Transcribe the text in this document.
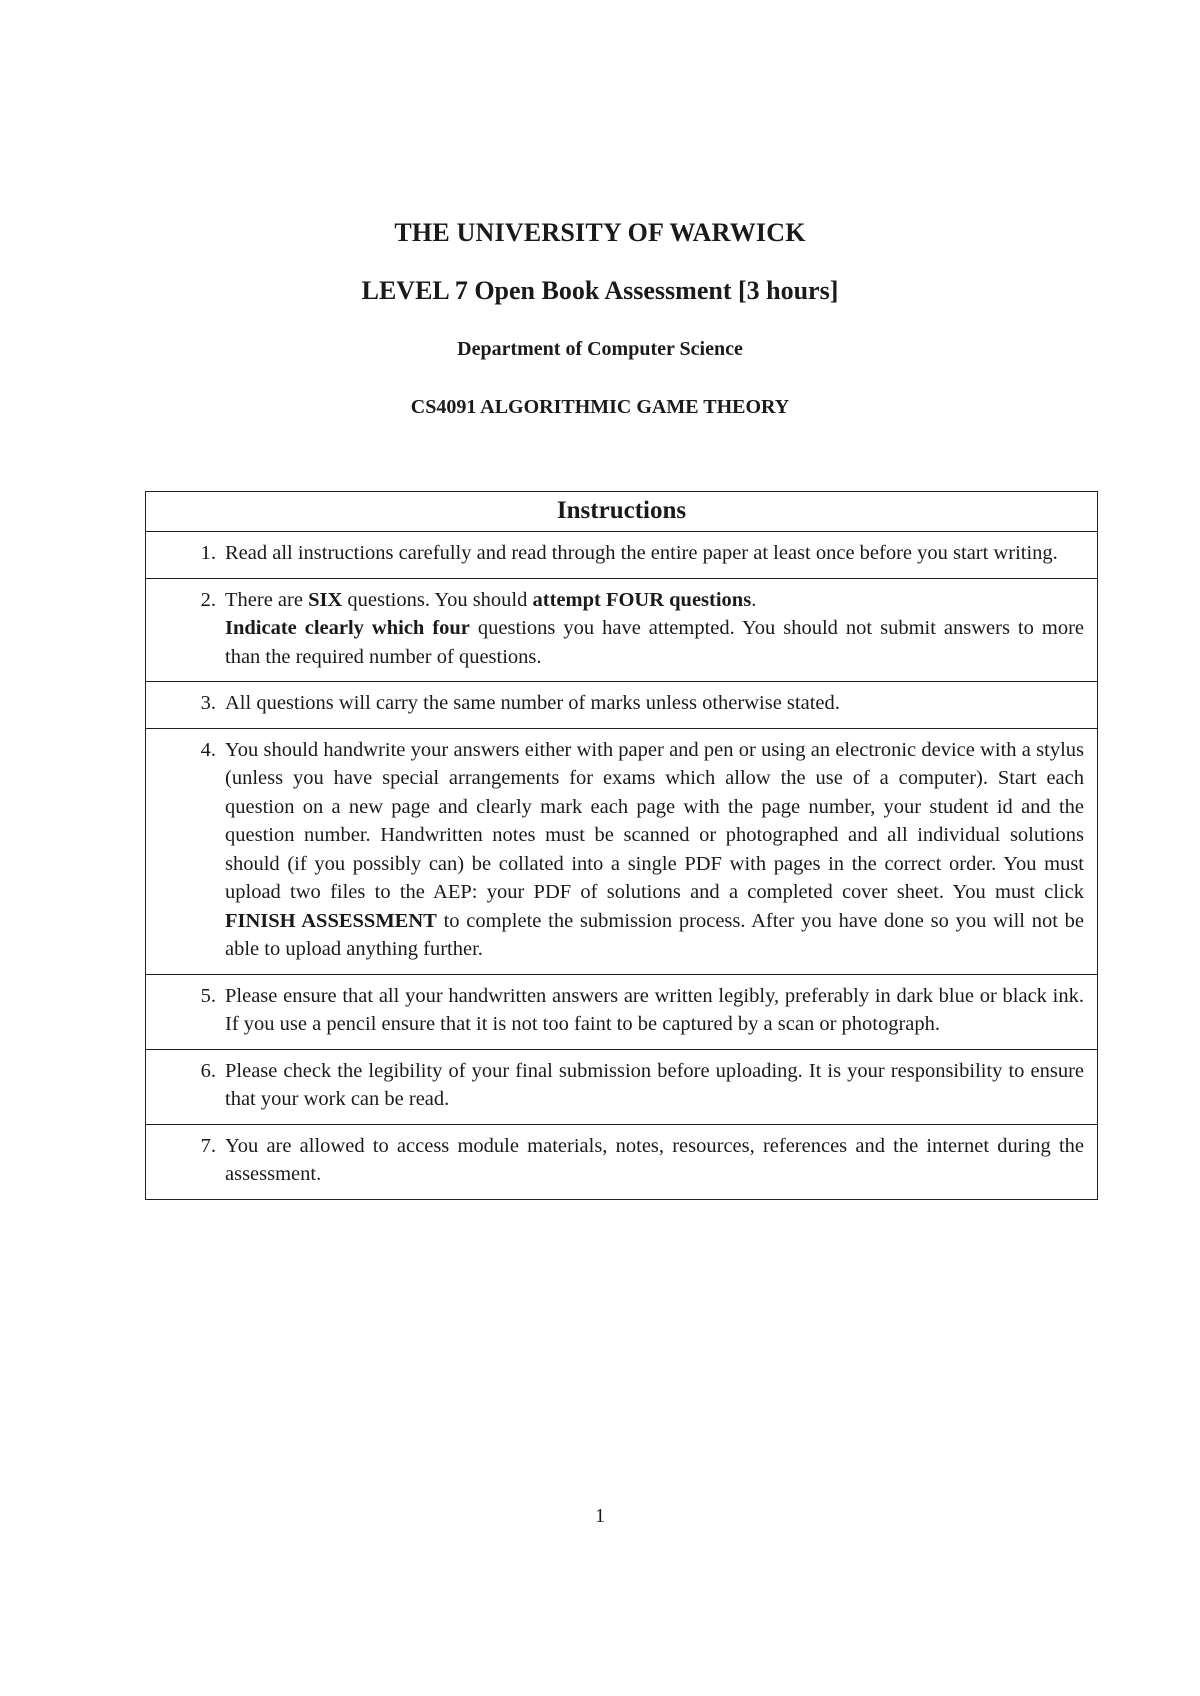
THE UNIVERSITY OF WARWICK
LEVEL 7 Open Book Assessment [3 hours]
Department of Computer Science
CS4091 ALGORITHMIC GAME THEORY
Instructions

1. Read all instructions carefully and read through the entire paper at least once before you start writing.

2. There are SIX questions. You should attempt FOUR questions.
Indicate clearly which four questions you have attempted. You should not submit answers to more than the required number of questions.

3. All questions will carry the same number of marks unless otherwise stated.

4. You should handwrite your answers either with paper and pen or using an electronic device with a stylus (unless you have special arrangements for exams which allow the use of a computer). Start each question on a new page and clearly mark each page with the page number, your student id and the question number. Handwritten notes must be scanned or photographed and all individual solutions should (if you possibly can) be collated into a single PDF with pages in the correct order. You must upload two files to the AEP: your PDF of solutions and a completed cover sheet. You must click FINISH ASSESSMENT to complete the submission process. After you have done so you will not be able to upload anything further.

5. Please ensure that all your handwritten answers are written legibly, preferably in dark blue or black ink. If you use a pencil ensure that it is not too faint to be captured by a scan or photograph.

6. Please check the legibility of your final submission before uploading. It is your responsibility to ensure that your work can be read.

7. You are allowed to access module materials, notes, resources, references and the internet during the assessment.
1
